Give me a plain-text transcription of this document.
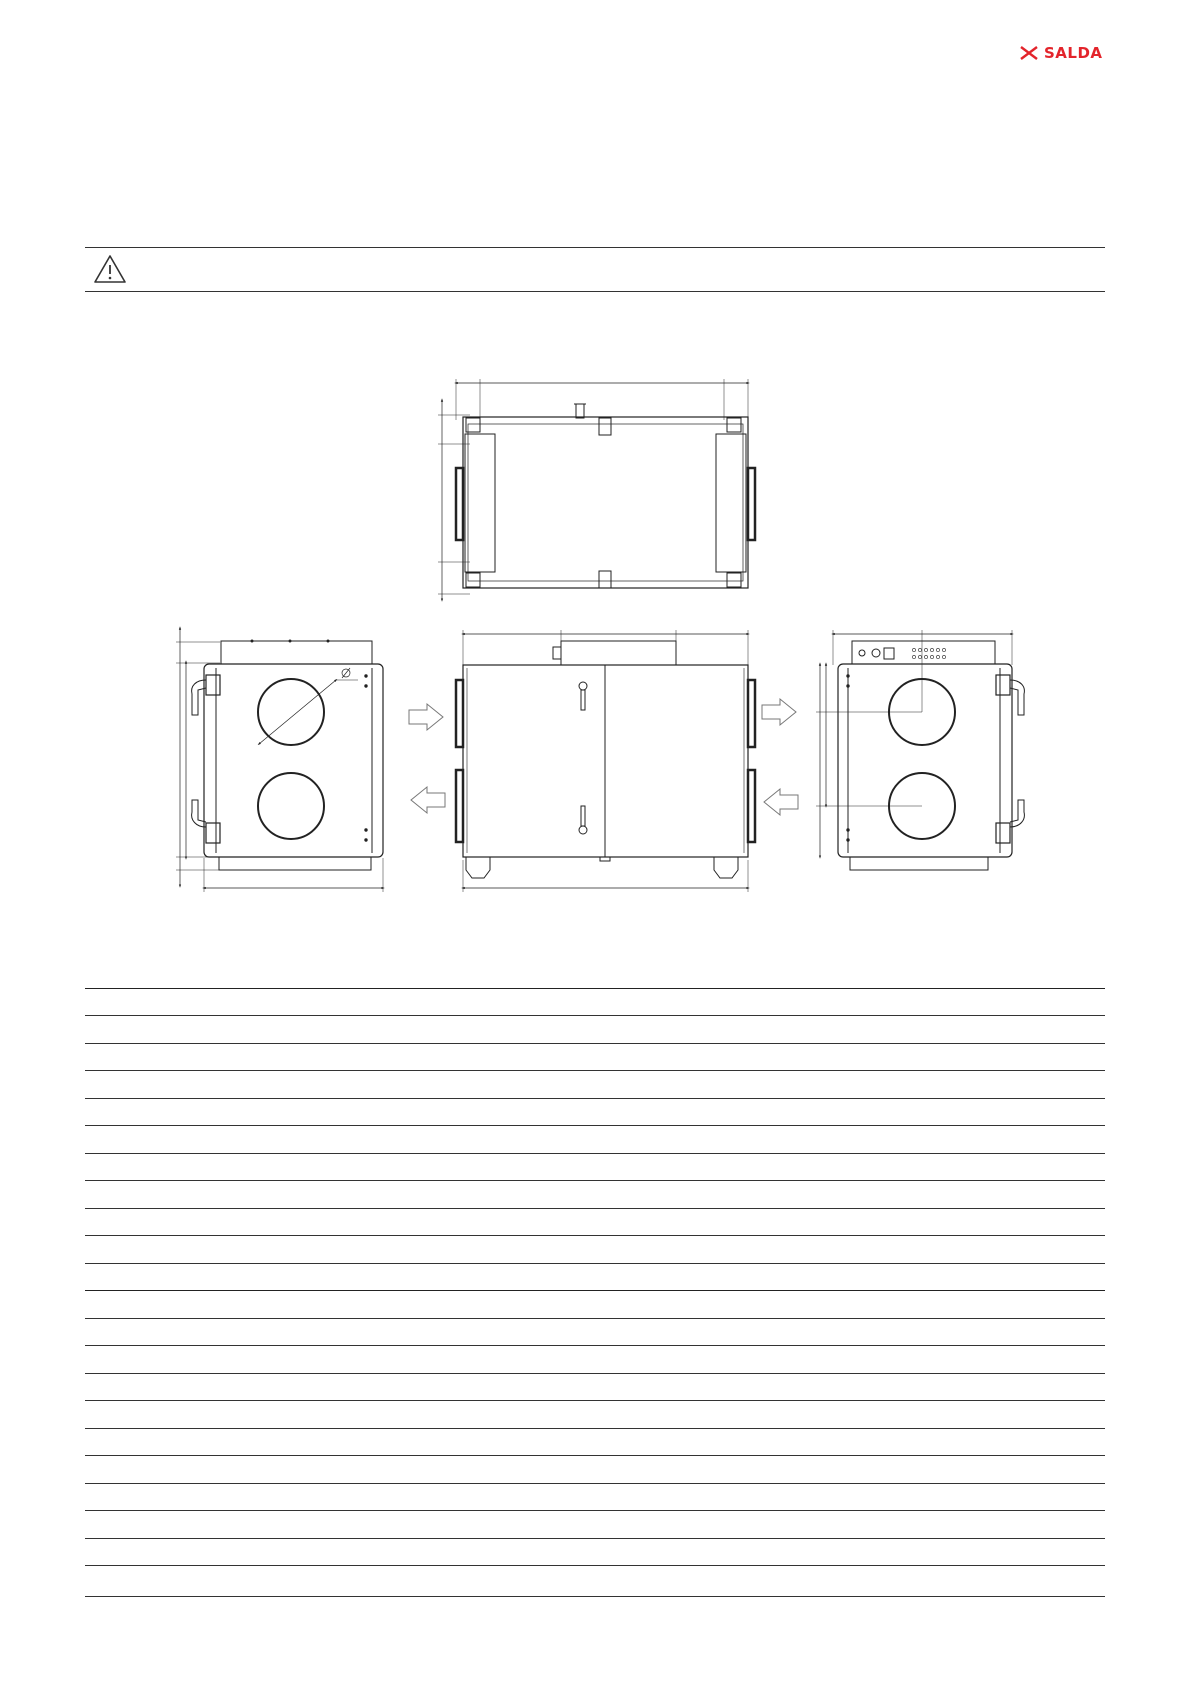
SALDA
